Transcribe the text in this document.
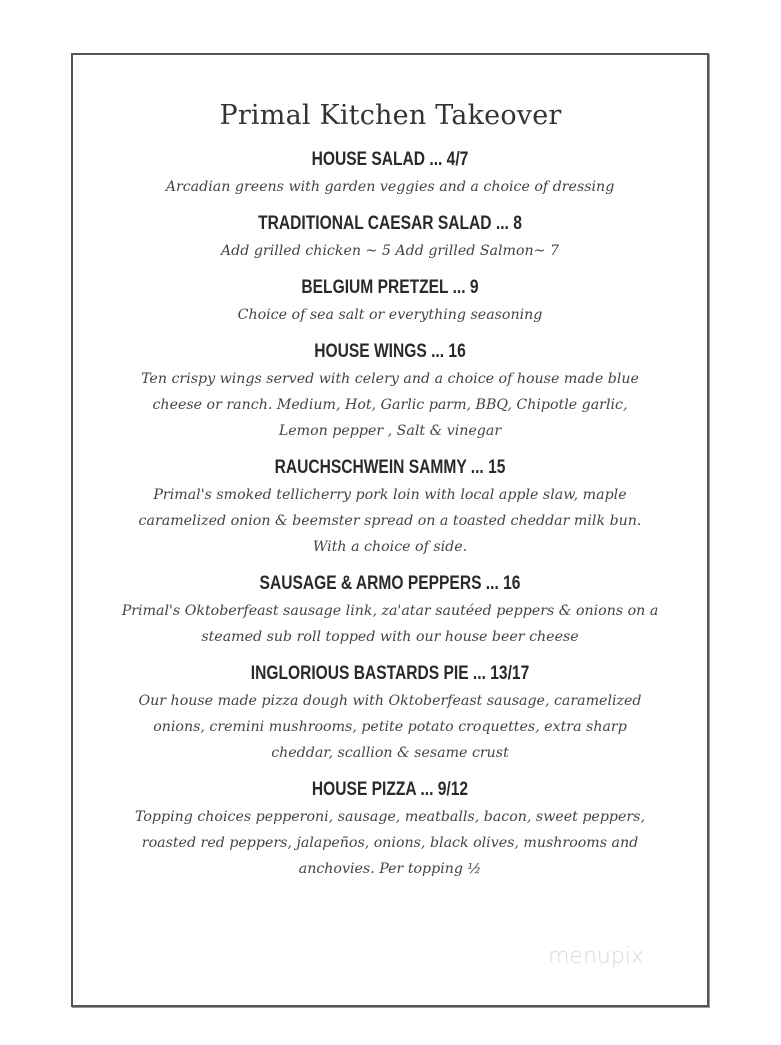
Primal Kitchen Takeover
HOUSE SALAD ... 4/7

Arcadian greens with garden veggies and a choice of dressing

TRADITIONAL CAESAR SALAD ... 8

Add grilled chicken ~ 5 Add grilled Salmon~ 7

BELGIUM PRETZEL ... 9

Choice of sea salt or everything seasoning

HOUSE WINGS ... 16

Ten crispy wings served with celery and a choice of house made blue

cheese or ranch. Medium, Hot, Garlic parm, BBQ, Chipotle garlic,

Lemon pepper , Salt & vinegar

RAUCHSCHWEIN SAMMY ... 15

Primal's smoked tellicherry pork loin with local apple slaw, maple

caramelized onion & beemster spread on a toasted cheddar milk bun.

With a choice of side.

SAUSAGE & ARMO PEPPERS ... 16

Primal's Oktoberfeast sausage link, za'atar sautéed peppers & onions on a

steamed sub roll topped with our house beer cheese

INGLORIOUS BASTARDS PIE ... 13/17

Our house made pizza dough with Oktoberfeast sausage, caramelized

onions, cremini mushrooms, petite potato croquettes, extra sharp

cheddar, scallion & sesame crust

HOUSE PIZZA ... 9/12

Topping choices pepperoni, sausage, meatballs, bacon, sweet peppers,

roasted red peppers, jalapeños, onions, black olives, mushrooms and

anchovies. Per topping ½

menupix
